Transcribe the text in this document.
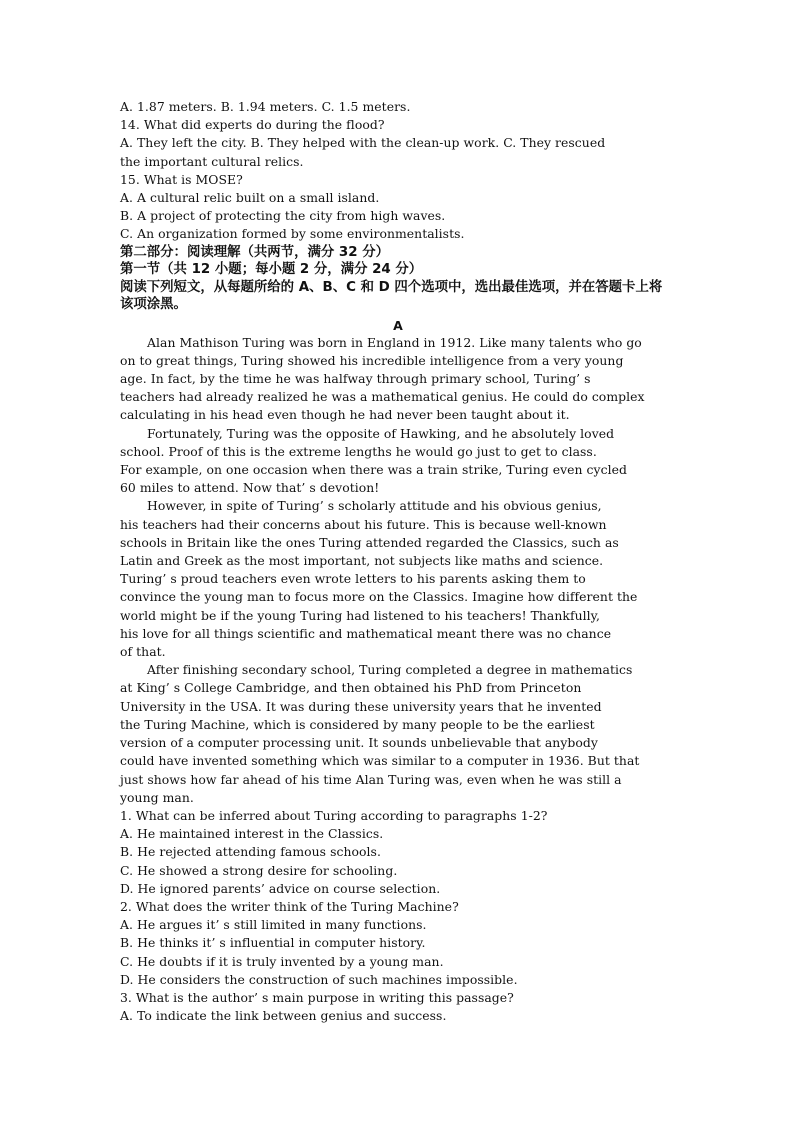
A. 1.87 meters. B. 1.94 meters. C. 1.5 meters.
14. What did experts do during the flood?
A. They left the city. B. They helped with the clean-up work. C. They rescued
the important cultural relics.
15. What is MOSE?
A. A cultural relic built on a small island.
B. A project of protecting the city from high waves.
C. An organization formed by some environmentalists.
第二部分：阅读理解（共两节，满分 32 分）
第一节（共 12 小题；每小题 2 分，满分 24 分）
阅读下列短文，从每题所给的 A、B、C 和 D 四个选项中，选出最佳选项，并在答题卡上将
该项涂黑。
A
Alan Mathison Turing was born in England in 1912. Like many talents who go
on to great things, Turing showed his incredible intelligence from a very young
age. In fact, by the time he was halfway through primary school, Turing’ s
teachers had already realized he was a mathematical genius. He could do complex
calculating in his head even though he had never been taught about it.
Fortunately, Turing was the opposite of Hawking, and he absolutely loved
school. Proof of this is the extreme lengths he would go just to get to class.
For example, on one occasion when there was a train strike, Turing even cycled
60 miles to attend. Now that’ s devotion!
However, in spite of Turing’ s scholarly attitude and his obvious genius,
his teachers had their concerns about his future. This is because well-known
schools in Britain like the ones Turing attended regarded the Classics, such as
Latin and Greek as the most important, not subjects like maths and science.
Turing’ s proud teachers even wrote letters to his parents asking them to
convince the young man to focus more on the Classics. Imagine how different the
world might be if the young Turing had listened to his teachers! Thankfully,
his love for all things scientific and mathematical meant there was no chance
of that.
After finishing secondary school, Turing completed a degree in mathematics
at King’ s College Cambridge, and then obtained his PhD from Princeton
University in the USA. It was during these university years that he invented
the Turing Machine, which is considered by many people to be the earliest
version of a computer processing unit. It sounds unbelievable that anybody
could have invented something which was similar to a computer in 1936. But that
just shows how far ahead of his time Alan Turing was, even when he was still a
young man.
1. What can be inferred about Turing according to paragraphs 1-2?
A. He maintained interest in the Classics.
B. He rejected attending famous schools.
C. He showed a strong desire for schooling.
D. He ignored parents’ advice on course selection.
2. What does the writer think of the Turing Machine?
A. He argues it’ s still limited in many functions.
B. He thinks it’ s influential in computer history.
C. He doubts if it is truly invented by a young man.
D. He considers the construction of such machines impossible.
3. What is the author’ s main purpose in writing this passage?
A. To indicate the link between genius and success.
